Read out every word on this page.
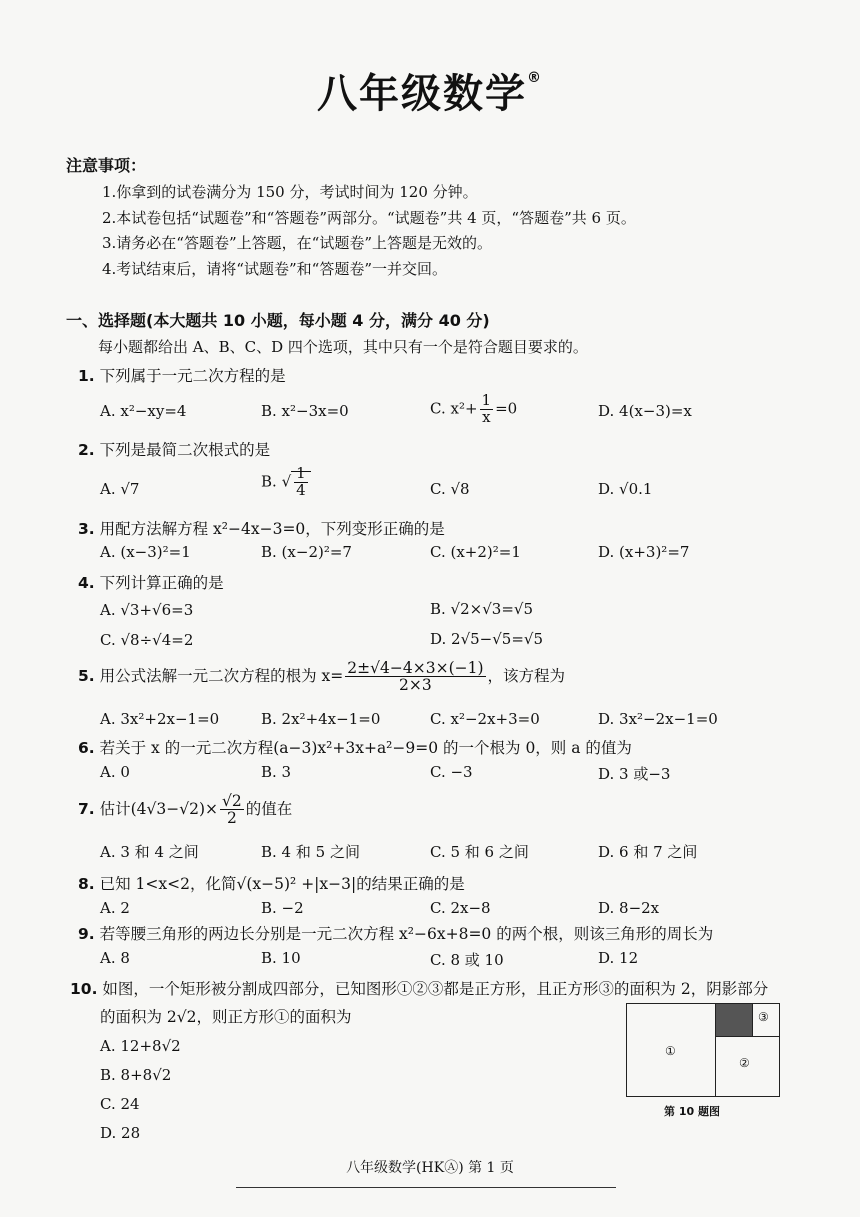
八年级数学®
注意事项：
1.你拿到的试卷满分为 150 分，考试时间为 120 分钟。
2.本试卷包括“试题卷”和“答题卷”两部分。“试题卷”共 4 页，“答题卷”共 6 页。
3.请务必在“答题卷”上答题，在“试题卷”上答题是无效的。
4.考试结束后，请将“试题卷”和“答题卷”一并交回。
一、选择题(本大题共 10 小题，每小题 4 分，满分 40 分)
每小题都给出 A、B、C、D 四个选项，其中只有一个是符合题目要求的。
1. 下列属于一元二次方程的是
A. x²−xy=4	B. x²−3x=0	C. $x^2+ \frac{1}{x} =0$	D. 4(x−3)=x
2. 下列是最简二次根式的是
A. √7	B. √ $\frac{1}{4}$	C. √8	D. √0.1
3. 用配方法解方程 x²−4x−3=0，下列变形正确的是
A. (x−3)²=1	B. (x−2)²=7	C. (x+2)²=1	D. (x+3)²=7
4. 下列计算正确的是
A. √3+√6=3	B. √2×√3=√5
C. √8÷√4=2	D. 2√5−√5=√5
5. 用公式法解一元二次方程的根为 $x= \frac{2\pm√4-4\times 3\times(-1)}{2\times 3}$ ，该方程为
A. 3x²+2x−1=0	B. 2x²+4x−1=0	C. x²−2x+3=0	D. 3x²−2x−1=0
6. 若关于 x 的一元二次方程(a−3)x²+3x+a²−9=0 的一个根为 0，则 a 的值为
A. 0	B. 3	C. −3	D. 3 或−3
7. 估计$(4√3-√2)\times \frac{√2}{2}$ 的值在
A. 3 和 4 之间	B. 4 和 5 之间	C. 5 和 6 之间	D. 6 和 7 之间
8. 已知 1<x<2，化简√(x−5)² +|x−3|的结果正确的是
A. 2	B. −2	C. 2x−8	D. 8−2x
9. 若等腰三角形的两边长分别是一元二次方程 x²−6x+8=0 的两个根，则该三角形的周长为
A. 8	B. 10	C. 8 或 10	D. 12
10. 如图，一个矩形被分割成四部分，已知图形①②③都是正方形，且正方形③的面积为 2，阴影部分
的面积为 2√2，则正方形①的面积为
A. 12+8√2
B. 8+8√2
C. 24
D. 28
①
②
③
第 10 题图
八年级数学(HKⒶ) 第 1 页
